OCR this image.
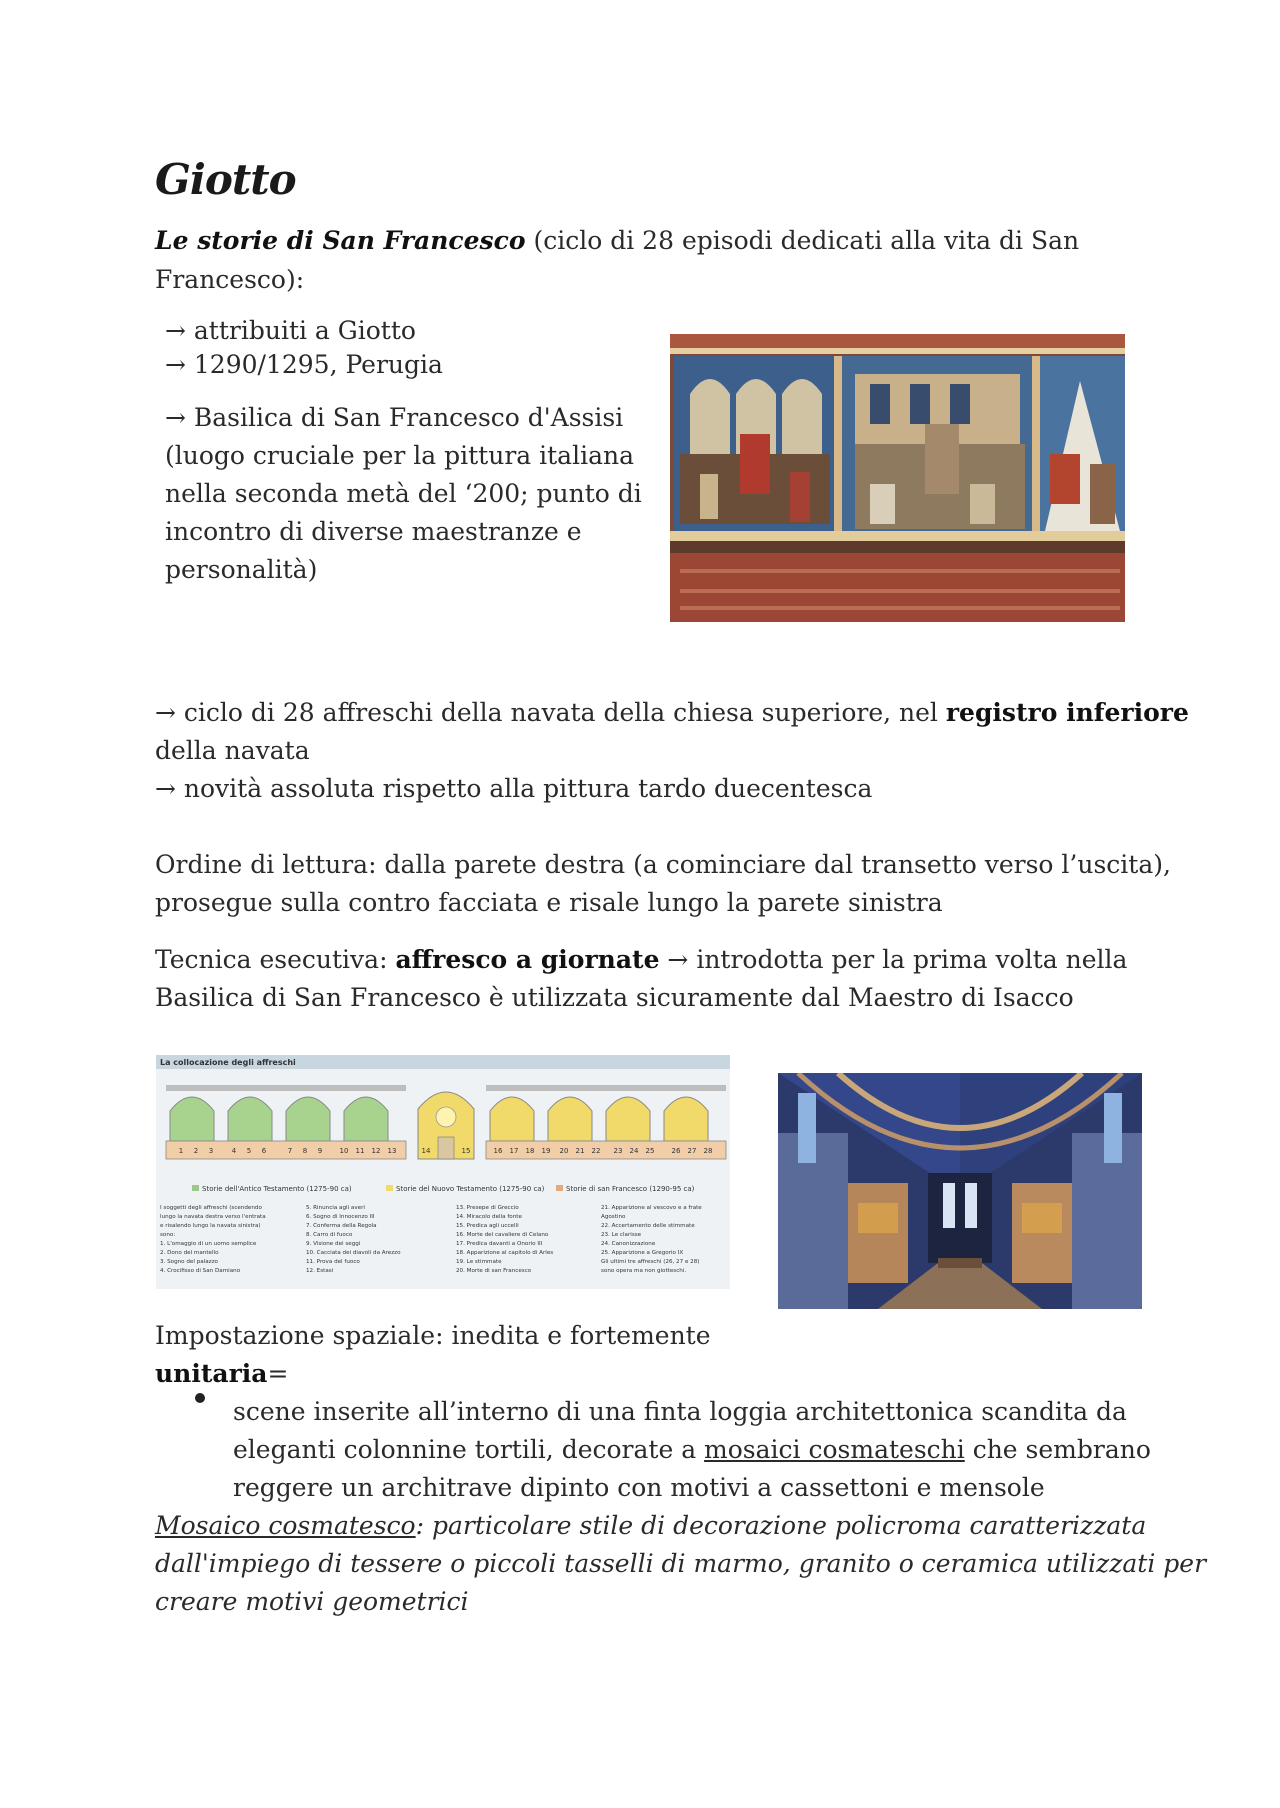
Giotto
Le storie di San Francesco (ciclo di 28 episodi dedicati alla vita di San
Francesco):
→ attribuiti a Giotto
→ 1290/1295, Perugia
→ Basilica di San Francesco d'Assisi
(luogo cruciale per la pittura italiana
nella seconda metà del ‘200; punto di
incontro di diverse maestranze e
personalità)
→ ciclo di 28 affreschi della navata della chiesa superiore, nel registro inferiore
della navata
→ novità assoluta rispetto alla pittura tardo duecentesca
Ordine di lettura: dalla parete destra (a cominciare dal transetto verso l’uscita),
prosegue sulla contro facciata e risale lungo la parete sinistra
Tecnica esecutiva: affresco a giornate → introdotta per la prima volta nella
Basilica di San Francesco è utilizzata sicuramente dal Maestro di Isacco
La collocazione degli affreschi
1 2 3	4 5 6	7 8 9 10 11 12 13	14	15	16 17 18 19 20 21 22 23 24 25 26 27 28
Storie dell'Antico Testamento (1275-90 ca)	Storie del Nuovo Testamento (1275-90 ca)	Storie di san Francesco (1290-95 ca)
I soggetti degli affreschi (scendendo
lungo la navata destra verso l'entrata
e risalendo lungo la navata sinistra)
sono:
1. L'omaggio di un uomo semplice
2. Dono del mantello
3. Sogno del palazzo
4. Crocifisso di San Damiano
5. Rinuncia agli averi
6. Sogno di Innocenzo III
7. Conferma della Regola
8. Carro di fuoco
9. Visione dei seggi
10. Cacciata dei diavoli da Arezzo
11. Prova del fuoco
12. Estasi
13. Presepe di Greccio
14. Miracolo della fonte
15. Predica agli uccelli
16. Morte del cavaliere di Celano
17. Predica davanti a Onorio III
18. Apparizione al capitolo di Arles
19. Le stimmate
20. Morte di san Francesco
21. Apparizione al vescovo e a frate
Agostino
22. Accertamento delle stimmate
23. Le clarisse
24. Canonizzazione
25. Apparizione a Gregorio IX
Gli ultimi tre affreschi (26, 27 e 28)
sono opera ma non giotteschi.
Impostazione spaziale: inedita e fortemente
unitaria=
scene inserite all’interno di una finta loggia architettonica scandita da
eleganti colonnine tortili, decorate a mosaici cosmateschi che sembrano
reggere un architrave dipinto con motivi a cassettoni e mensole
Mosaico cosmatesco: particolare stile di decorazione policroma caratterizzata
dall'impiego di tessere o piccoli tasselli di marmo, granito o ceramica utilizzati per
creare motivi geometrici
